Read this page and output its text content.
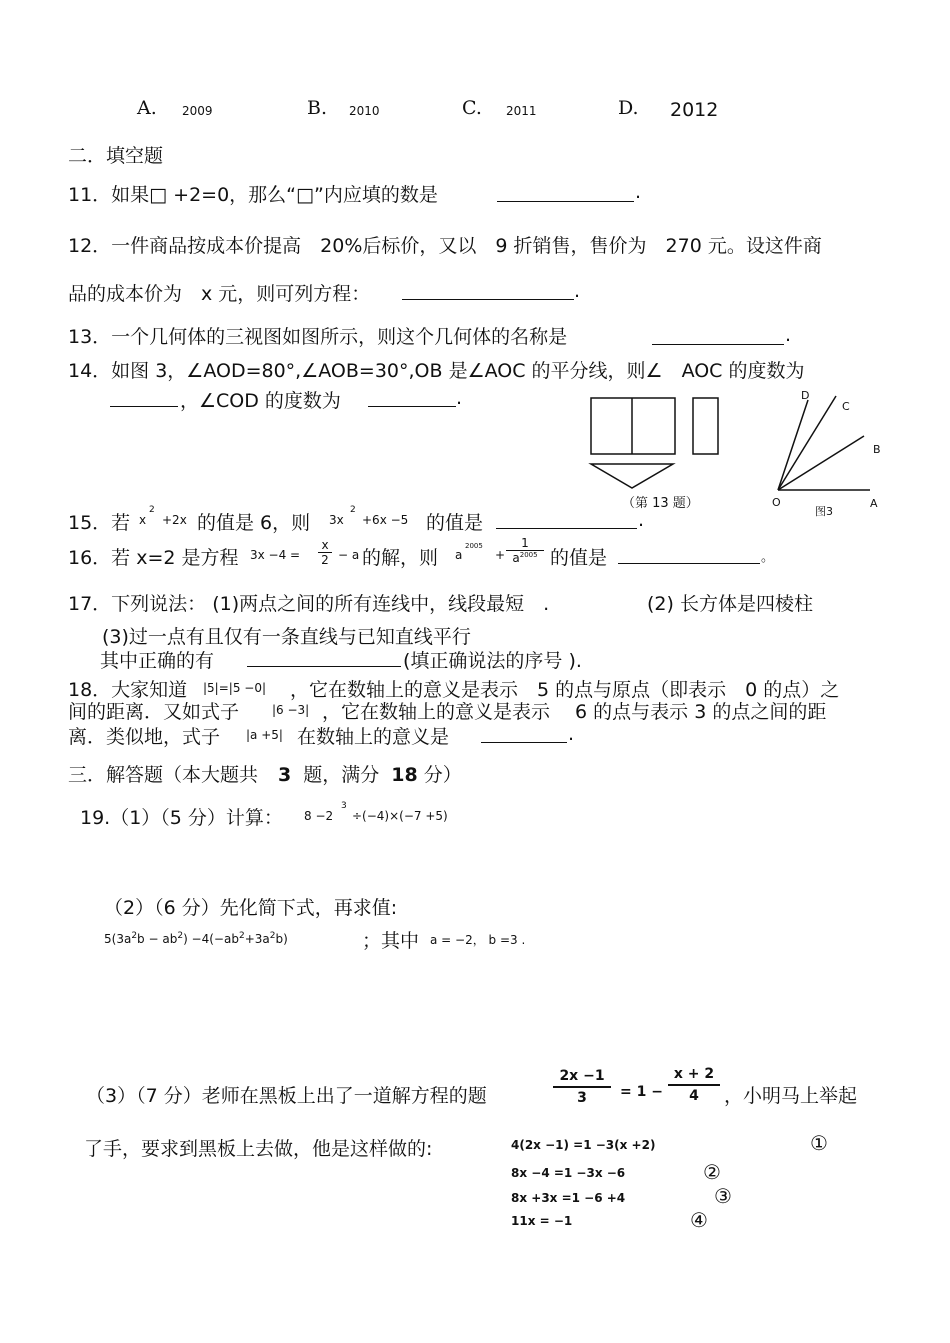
A. 2009	B. 2010	C. 2011	D. 2012
二．填空题
11．如果□ +2=0，那么“□”内应填的数是	.
12．一件商品按成本价提高　20%后标价，又以　9 折销售，售价为　270 元。设这件商
品的成本价为　x 元，则可列方程：	.
13．一个几何体的三视图如图所示，则这个几何体的名称是	.
14．如图 3，∠AOD=80°,∠AOB=30°,OB 是∠AOC 的平分线，则∠　AOC 的度数为
，∠COD 的度数为	.
（第 13 题）
D
C
B
O	A
图3
15．若 x
2
+2x 的值是 6，则 3x
2
+6x −5 的值是	.
16．若 x=2 是方程 3x −4 =
x
2 − a 的解，则 a
2005
+
1
$a^{2005}$ 的值是	。
17．下列说法： (1)两点之间的所有连线中，线段最短　.	(2) 长方体是四棱柱
(3)过一点有且仅有一条直线与已知直线平行
其中正确的有	(填正确说法的序号 ).
18．大家知道 |5|=|5 −0| ，它在数轴上的意义是表示　5 的点与原点（即表示　0 的点）之
间的距离．又如式子	|6 −3| ，它在数轴上的意义是表示　 6 的点与表示 3 的点之间的距
离．类似地，式子 |a +5| 在数轴上的意义是	.
三．解答题（本大题共 3 题，满分 18 分）
19.（1）（5 分）计算： 8 −2
3
÷(−4)×(−7 +5)
（2）（6 分）先化简下式，再求值:
$5(3a^2b - ab^2) -4(-ab^2+3a^2b)$	；其中 a = −2， b =3 .
（3）（7 分）老师在黑板上出了一道解方程的题
2x −1
3	= 1 −
x + 2
4	，小明马上举起
了手，要求到黑板上去做，他是这样做的:	4(2x −1) =1 −3(x +2)	①
8x −4 =1 −3x −6	②
8x +3x =1 −6 +4	③
11x = −1	④
